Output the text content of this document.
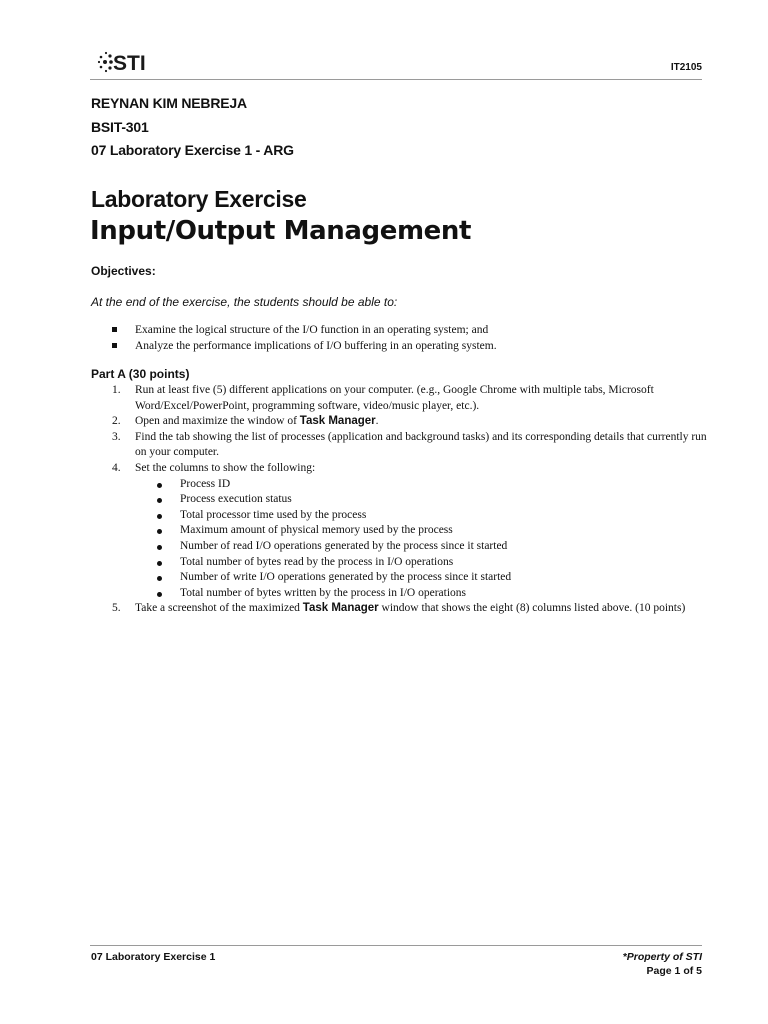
STI	IT2105
REYNAN KIM NEBREJA
BSIT-301
07 Laboratory Exercise 1 - ARG
Laboratory Exercise
Input/Output Management
Objectives:
At the end of the exercise, the students should be able to:
Examine the logical structure of the I/O function in an operating system; and
Analyze the performance implications of I/O buffering in an operating system.
Part A (30 points)
1. Run at least five (5) different applications on your computer. (e.g., Google Chrome with multiple tabs, Microsoft Word/Excel/PowerPoint, programming software, video/music player, etc.).
2. Open and maximize the window of Task Manager.
3. Find the tab showing the list of processes (application and background tasks) and its corresponding details that currently run on your computer.
4. Set the columns to show the following:
Process ID
Process execution status
Total processor time used by the process
Maximum amount of physical memory used by the process
Number of read I/O operations generated by the process since it started
Total number of bytes read by the process in I/O operations
Number of write I/O operations generated by the process since it started
Total number of bytes written by the process in I/O operations
5. Take a screenshot of the maximized Task Manager window that shows the eight (8) columns listed above. (10 points)
07 Laboratory Exercise 1	*Property of STI
Page 1 of 5
